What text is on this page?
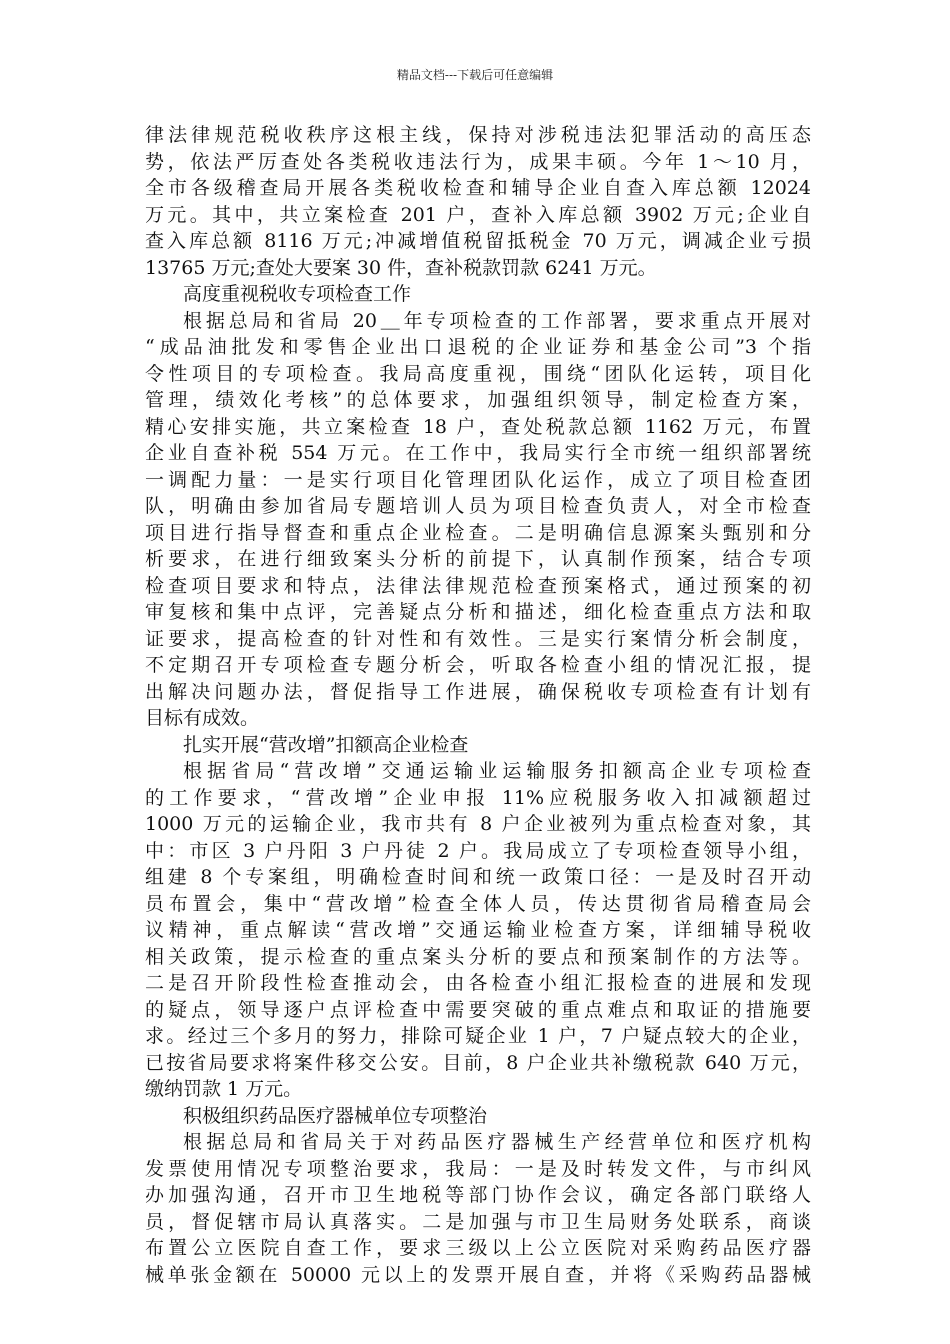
精品文档---下载后可任意编辑
律法律规范税收秩序这根主线，保持对涉税违法犯罪活动的高压态
势，依法严厉查处各类税收违法行为，成果丰硕。今年 1～10 月，
全市各级稽查局开展各类税收检查和辅导企业自查入库总额 12024
万元。其中，共立案检查 201 户，查补入库总额 3902 万元;企业自
查入库总额 8116 万元;冲减增值税留抵税金 70 万元，调减企业亏损
13765 万元;查处大要案 30 件，查补税款罚款 6241 万元。
高度重视税收专项检查工作
根据总局和省局 20＿年专项检查的工作部署，要求重点开展对
“成品油批发和零售企业出口退税的企业证券和基金公司”3 个指
令性项目的专项检查。我局高度重视，围绕“团队化运转，项目化
管理，绩效化考核”的总体要求，加强组织领导，制定检查方案，
精心安排实施，共立案检查 18 户，查处税款总额 1162 万元，布置
企业自查补税 554 万元。在工作中，我局实行全市统一组织部署统
一调配力量：一是实行项目化管理团队化运作，成立了项目检查团
队，明确由参加省局专题培训人员为项目检查负责人，对全市检查
项目进行指导督查和重点企业检查。二是明确信息源案头甄别和分
析要求，在进行细致案头分析的前提下，认真制作预案，结合专项
检查项目要求和特点，法律法律规范检查预案格式，通过预案的初
审复核和集中点评，完善疑点分析和描述，细化检查重点方法和取
证要求，提高检查的针对性和有效性。三是实行案情分析会制度，
不定期召开专项检查专题分析会，听取各检查小组的情况汇报，提
出解决问题办法，督促指导工作进展，确保税收专项检查有计划有
目标有成效。
扎实开展“营改增”扣额高企业检查
根据省局“营改增”交通运输业运输服务扣额高企业专项检查
的工作要求，“营改增”企业申报 11%应税服务收入扣减额超过
1000 万元的运输企业，我市共有 8 户企业被列为重点检查对象，其
中：市区 3 户丹阳 3 户丹徒 2 户。我局成立了专项检查领导小组，
组建 8 个专案组，明确检查时间和统一政策口径：一是及时召开动
员布置会，集中“营改增”检查全体人员，传达贯彻省局稽查局会
议精神，重点解读“营改增”交通运输业检查方案，详细辅导税收
相关政策，提示检查的重点案头分析的要点和预案制作的方法等。
二是召开阶段性检查推动会，由各检查小组汇报检查的进展和发现
的疑点，领导逐户点评检查中需要突破的重点难点和取证的措施要
求。经过三个多月的努力，排除可疑企业 1 户，7 户疑点较大的企业，
已按省局要求将案件移交公安。目前，8 户企业共补缴税款 640 万元，
缴纳罚款 1 万元。
积极组织药品医疗器械单位专项整治
根据总局和省局关于对药品医疗器械生产经营单位和医疗机构
发票使用情况专项整治要求，我局：一是及时转发文件，与市纠风
办加强沟通，召开市卫生地税等部门协作会议，确定各部门联络人
员，督促辖市局认真落实。二是加强与市卫生局财务处联系，商谈
布置公立医院自查工作，要求三级以上公立医院对采购药品医疗器
械单张金额在 50000 元以上的发票开展自查，并将《采购药品器械
